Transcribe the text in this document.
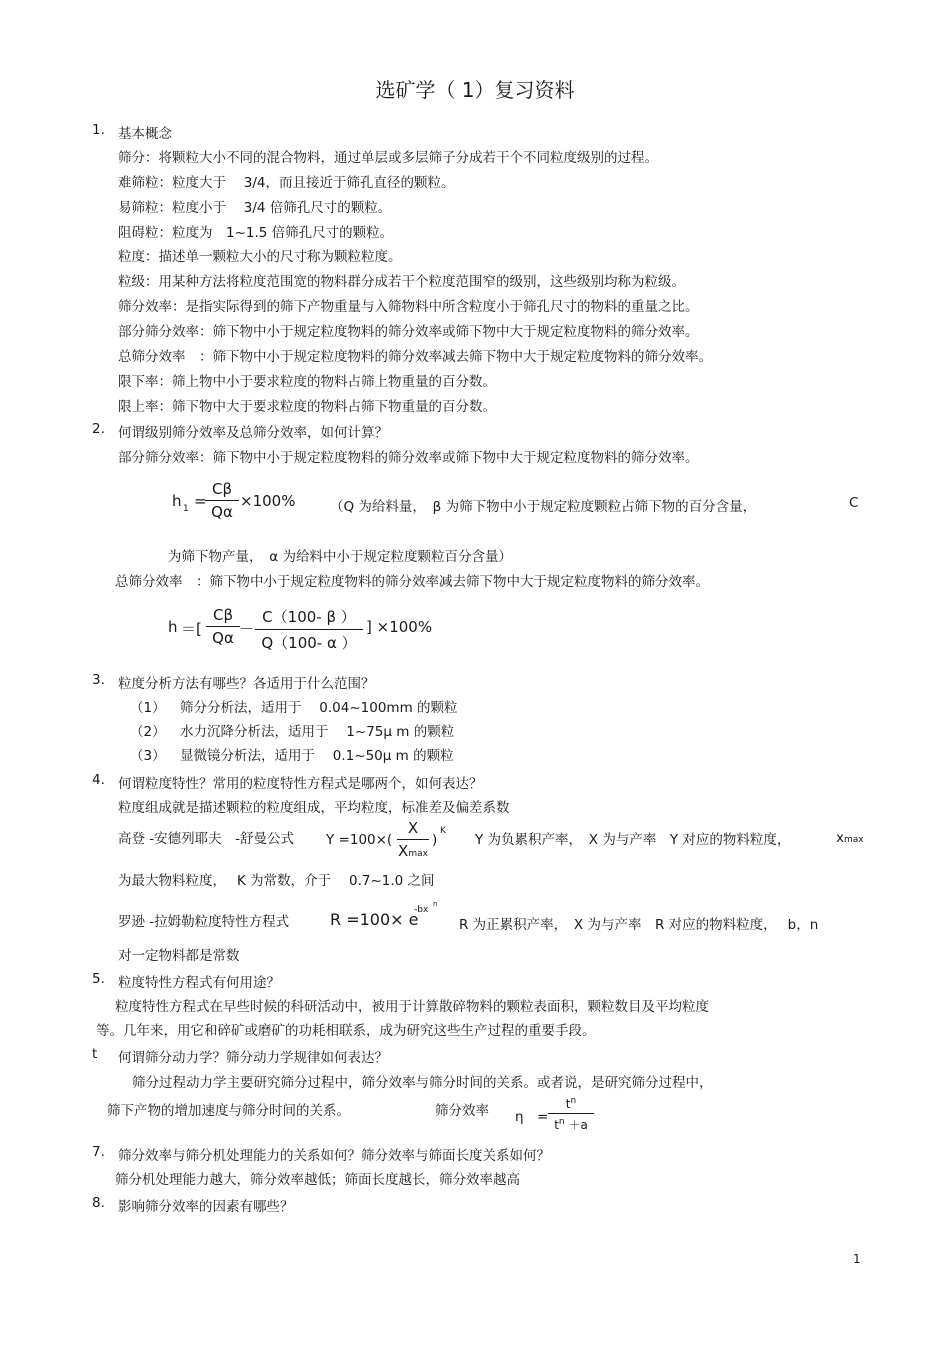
选矿学（ 1）复习资料
1. 基本概念
筛分：将颗粒大小不同的混合物料，通过单层或多层筛子分成若干个不同粒度级别的过程。
难筛粒：粒度大于　 3/4，而且接近于筛孔直径的颗粒。
易筛粒：粒度小于　 3/4 倍筛孔尺寸的颗粒。
阻碍粒：粒度为　1~1.5 倍筛孔尺寸的颗粒。
粒度：描述单一颗粒大小的尺寸称为颗粒粒度。
粒级：用某种方法将粒度范围宽的物料群分成若干个粒度范围窄的级别，这些级别均称为粒级。
筛分效率：是指实际得到的筛下产物重量与入筛物料中所含粒度小于筛孔尺寸的物料的重量之比。
部分筛分效率：筛下物中小于规定粒度物料的筛分效率或筛下物中大于规定粒度物料的筛分效率。
总筛分效率　：筛下物中小于规定粒度物料的筛分效率减去筛下物中大于规定粒度物料的筛分效率。
限下率：筛上物中小于要求粒度的物料占筛上物重量的百分数。
限上率：筛下物中大于要求粒度的物料占筛下物重量的百分数。
2. 何谓级别筛分效率及总筛分效率，如何计算？
部分筛分效率：筛下物中小于规定粒度物料的筛分效率或筛下物中大于规定粒度物料的筛分效率。
h 1 =
$\frac{C\beta}{Q\alpha} \times 100\%$	（Q 为给料量，　β 为筛下物中小于规定粒度颗粒占筛下物的百分含量，	C
为筛下物产量，　α 为给料中小于规定粒度颗粒百分含量）
总筛分效率　：筛下物中小于规定粒度物料的筛分效率减去筛下物中大于规定粒度物料的筛分效率。
h ＝[ $\frac{C\beta}{Q\alpha} - \frac{C(100- \beta )}{Q(100- \alpha )}$ ] ×100%
3. 粒度分析方法有哪些？各适用于什么范围？
（1） 筛分分析法，适用于　 0.04~100mm 的颗粒
（2） 水力沉降分析法，适用于　 1~75μ m 的颗粒
（3） 显微镜分析法，适用于　 0.1~50μ m 的颗粒
4. 何谓粒度特性？常用的粒度特性方程式是哪两个，如何表达？
粒度组成就是描述颗粒的粒度组成，平均粒度，标准差及偏差系数
高登 -安德列耶夫　-舒曼公式 Y =100×(
X
Xmax
)
K
Y 为负累积产率，　X 为与产率　Y 对应的物料粒度，	xmax
为最大物料粒度，　 K 为常数，介于　 0.7~1.0 之间
罗逊 -拉姆勒粒度特性方程式	R =100× e
-bx
n
R 为正累积产率，　X 为与产率　R 对应的物料粒度，　 b，n
对一定物料都是常数
5. 粒度特性方程式有何用途？
粒度特性方程式在早些时候的科研活动中，被用于计算散碎物料的颗粒表面积，颗粒数目及平均粒度
等。几年来，用它和碎矿或磨矿的功耗相联系，成为研究这些生产过程的重要手段。
t 何谓筛分动力学？筛分动力学规律如何表达？
筛分过程动力学主要研究筛分过程中，筛分效率与筛分时间的关系。或者说，是研究筛分过程中，
筛下产物的增加速度与筛分时间的关系。	筛分效率 $\eta = \frac{t^n}{t^n +a}$
7. 筛分效率与筛分机处理能力的关系如何？筛分效率与筛面长度关系如何？
筛分机处理能力越大，筛分效率越低；筛面长度越长，筛分效率越高
8. 影响筛分效率的因素有哪些？
1
